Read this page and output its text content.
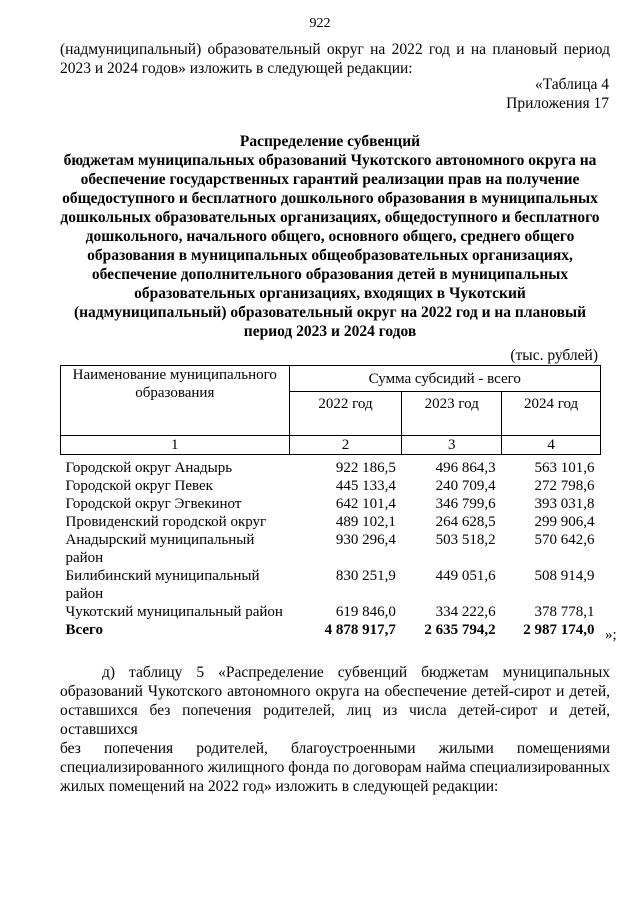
922
(надмуниципальный) образовательный округ на 2022 год и на плановый период
2023 и 2024 годов» изложить в следующей редакции:
«Таблица 4
Приложения 17
Распределение субвенций
бюджетам муниципальных образований Чукотского автономного округа на
обеспечение государственных гарантий реализации прав на получение
общедоступного и бесплатного дошкольного образования в муниципальных
дошкольных образовательных организациях, общедоступного и бесплатного
дошкольного, начального общего, основного общего, среднего общего
образования в муниципальных общеобразовательных организациях,
обеспечение дополнительного образования детей в муниципальных
образовательных организациях, входящих в Чукотский
(надмуниципальный) образовательный округ на 2022 год и на плановый
период 2023 и 2024 годов
(тыс. рублей)
Наименование муниципального образования	Сумма субсидий - всего		
	2022 год	2023 год	2024 год
1	2	3	4

Городской округ Анадырь	922 186,5	496 864,3	563 101,6
Городской округ Певек	445 133,4	240 709,4	272 798,6
Городской округ Эгвекинот	642 101,4	346 799,6	393 031,8
Провиденский городской округ	489 102,1	264 628,5	299 906,4
Анадырский муниципальный район	930 296,4	503 518,2	570 642,6
Билибинский муниципальный район	830 251,9	449 051,6	508 914,9
Чукотский муниципальный район	619 846,0	334 222,6	378 778,1
Всего	4 878 917,7	2 635 794,2	2 987 174,0 »;
д) таблицу 5 «Распределение субвенций бюджетам муниципальных
образований Чукотского автономного округа на обеспечение детей-сирот и детей,
оставшихся без попечения родителей, лиц из числа детей-сирот и детей, оставшихся
без попечения родителей, благоустроенными жилыми помещениями
специализированного жилищного фонда по договорам найма специализированных
жилых помещений на 2022 год» изложить в следующей редакции:
